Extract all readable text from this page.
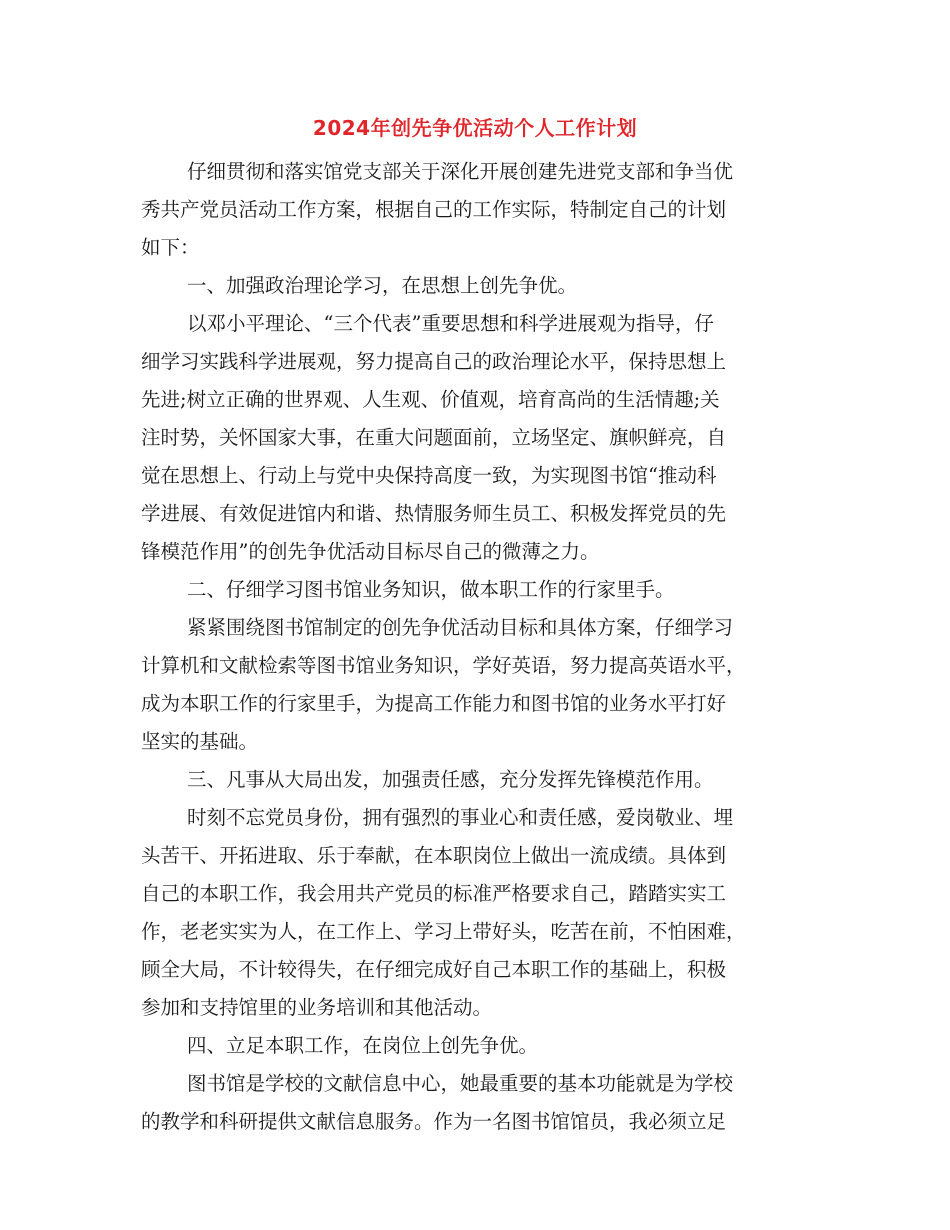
2024年创先争优活动个人工作计划
仔细贯彻和落实馆党支部关于深化开展创建先进党支部和争当优
秀共产党员活动工作方案，根据自己的工作实际，特制定自己的计划
如下：
一、加强政治理论学习，在思想上创先争优。
以邓小平理论、“三个代表”重要思想和科学进展观为指导，仔
细学习实践科学进展观，努力提高自己的政治理论水平，保持思想上
先进;树立正确的世界观、人生观、价值观，培育高尚的生活情趣;关
注时势，关怀国家大事，在重大问题面前，立场坚定、旗帜鲜亮，自
觉在思想上、行动上与党中央保持高度一致，为实现图书馆“推动科
学进展、有效促进馆内和谐、热情服务师生员工、积极发挥党员的先
锋模范作用”的创先争优活动目标尽自己的微薄之力。
二、仔细学习图书馆业务知识，做本职工作的行家里手。
紧紧围绕图书馆制定的创先争优活动目标和具体方案，仔细学习
计算机和文献检索等图书馆业务知识，学好英语，努力提高英语水平，
成为本职工作的行家里手，为提高工作能力和图书馆的业务水平打好
坚实的基础。
三、凡事从大局出发，加强责任感，充分发挥先锋模范作用。
时刻不忘党员身份，拥有强烈的事业心和责任感，爱岗敬业、埋
头苦干、开拓进取、乐于奉献，在本职岗位上做出一流成绩。具体到
自己的本职工作，我会用共产党员的标准严格要求自己，踏踏实实工
作，老老实实为人，在工作上、学习上带好头，吃苦在前，不怕困难，
顾全大局，不计较得失，在仔细完成好自己本职工作的基础上，积极
参加和支持馆里的业务培训和其他活动。
四、立足本职工作，在岗位上创先争优。
图书馆是学校的文献信息中心，她最重要的基本功能就是为学校
的教学和科研提供文献信息服务。作为一名图书馆馆员，我必须立足
